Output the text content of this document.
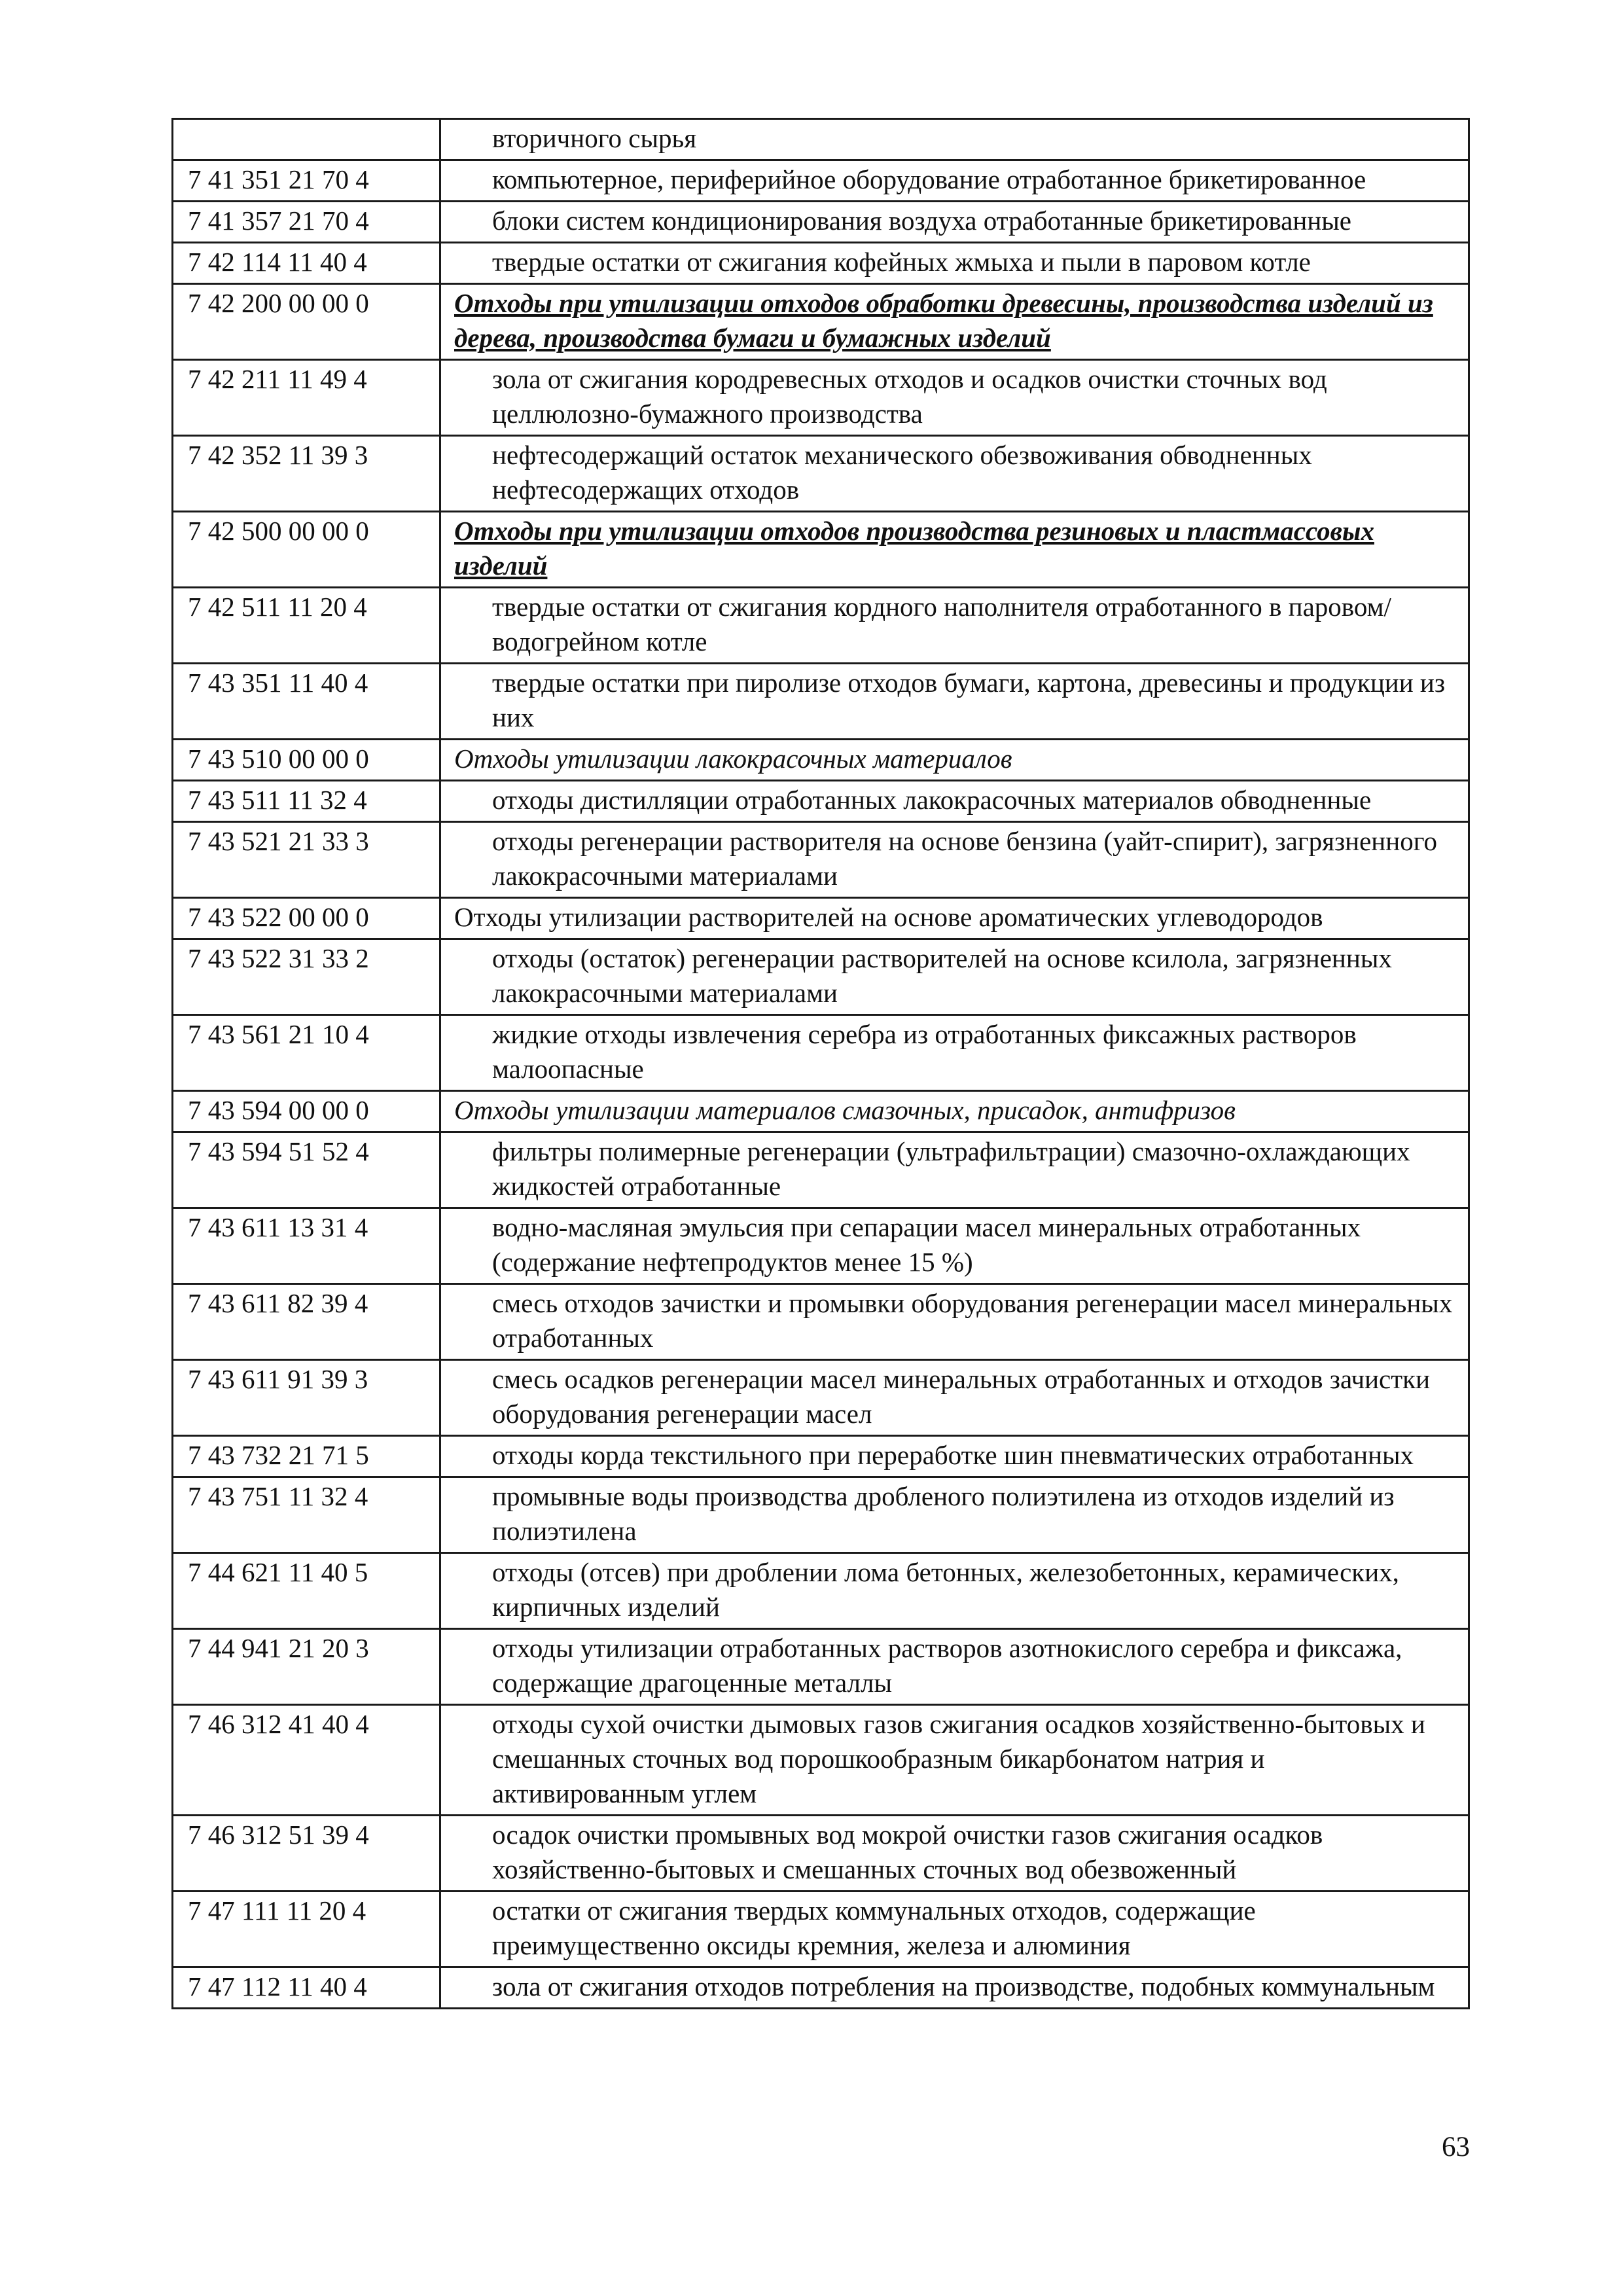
	вторичного сырья
7 41 351 21 70 4	компьютерное, периферийное оборудование отработанное брикетированное
7 41 357 21 70 4	блоки систем кондиционирования воздуха отработанные брикетированные
7 42 114 11 40 4	твердые остатки от сжигания кофейных жмыха и пыли в паровом котле
7 42 200 00 00 0	Отходы при утилизации отходов обработки древесины, производства изделий из дерева, производства бумаги и бумажных изделий
7 42 211 11 49 4	зола от сжигания кородревесных отходов и осадков очистки сточных вод целлюлозно-бумажного производства
7 42 352 11 39 3	нефтесодержащий остаток механического обезвоживания обводненных нефтесодержащих отходов
7 42 500 00 00 0	Отходы при утилизации отходов производства резиновых и пластмассовых изделий
7 42 511 11 20 4	твердые остатки от сжигания кордного наполнителя отработанного в паровом/водогрейном котле
7 43 351 11 40 4	твердые остатки при пиролизе отходов бумаги, картона, древесины и продукции из них
7 43 510 00 00 0	Отходы утилизации лакокрасочных материалов
7 43 511 11 32 4	отходы дистилляции отработанных лакокрасочных материалов обводненные
7 43 521 21 33 3	отходы регенерации растворителя на основе бензина (уайт-спирит), загрязненного лакокрасочными материалами
7 43 522 00 00 0	Отходы утилизации растворителей на основе ароматических углеводородов
7 43 522 31 33 2	отходы (остаток) регенерации растворителей на основе ксилола, загрязненных лакокрасочными материалами
7 43 561 21 10 4	жидкие отходы извлечения серебра из отработанных фиксажных растворов малоопасные
7 43 594 00 00 0	Отходы утилизации материалов смазочных, присадок, антифризов
7 43 594 51 52 4	фильтры полимерные регенерации (ультрафильтрации) смазочно-охлаждающих жидкостей отработанные
7 43 611 13 31 4	водно-масляная эмульсия при сепарации масел минеральных отработанных (содержание нефтепродуктов менее 15 %)
7 43 611 82 39 4	смесь отходов зачистки и промывки оборудования регенерации масел минеральных отработанных
7 43 611 91 39 3	смесь осадков регенерации масел минеральных отработанных и отходов зачистки оборудования регенерации масел
7 43 732 21 71 5	отходы корда текстильного при переработке шин пневматических отработанных
7 43 751 11 32 4	промывные воды производства дробленого полиэтилена из отходов изделий из полиэтилена
7 44 621 11 40 5	отходы (отсев) при дроблении лома бетонных, железобетонных, керамических, кирпичных изделий
7 44 941 21 20 3	отходы утилизации отработанных растворов азотнокислого серебра и фиксажа, содержащие драгоценные металлы
7 46 312 41 40 4	отходы сухой очистки дымовых газов сжигания осадков хозяйственно-бытовых и смешанных сточных вод порошкообразным бикарбонатом натрия и активированным углем
7 46 312 51 39 4	осадок очистки промывных вод мокрой очистки газов сжигания осадков хозяйственно-бытовых и смешанных сточных вод обезвоженный
7 47 111 11 20 4	остатки от сжигания твердых коммунальных отходов, содержащие преимущественно оксиды кремния, железа и алюминия
7 47 112 11 40 4	зола от сжигания отходов потребления на производстве, подобных коммунальным
63
